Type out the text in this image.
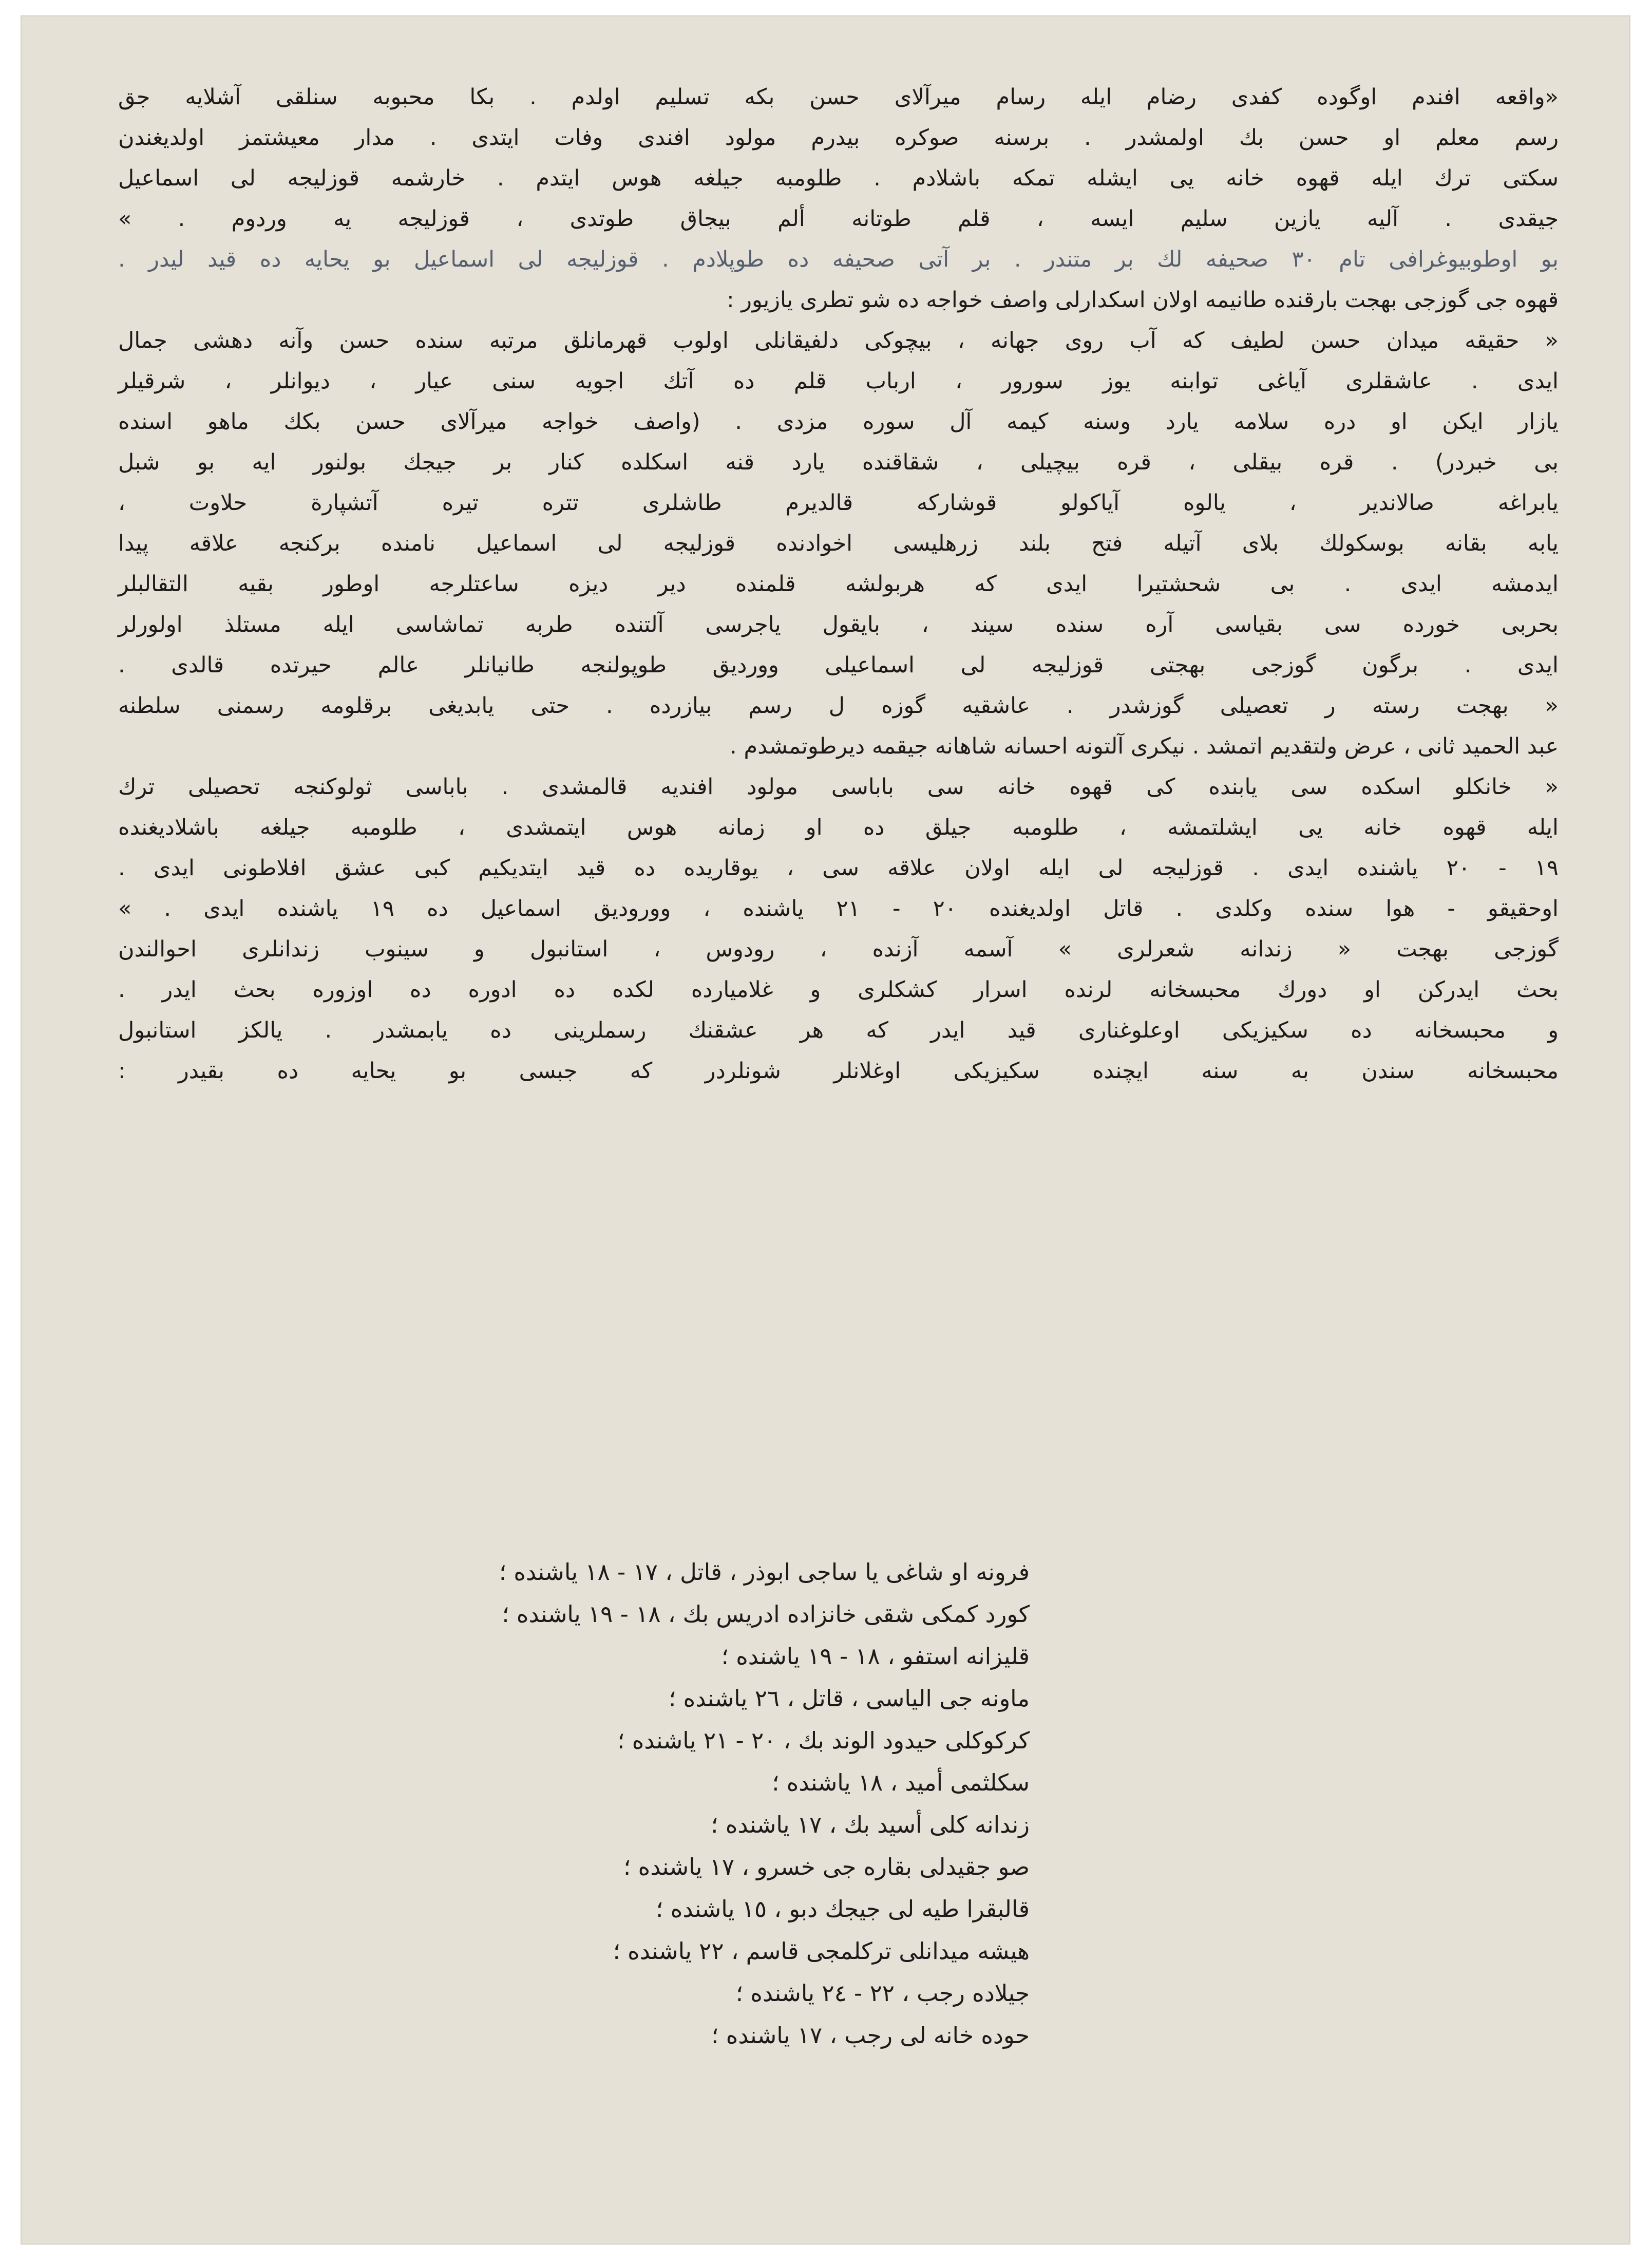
«واقعه افندم اوگوده كفدى رضام ايله رسام ميرآلاى حسن بكه تسليم اولدم . بكا محبوبه سنلقى آشلايه جق
رسم معلم او حسن بك اولمشدر . برسنه صوكره بيدرم مولود افندى وفات ايتدى . مدار معيشتمز اولديغندن
سكتى ترك ايله قهوه خانه يى ايشله تمكه باشلادم . طلومبه جيلغه هوس ايتدم . خارشمه قوزليجه لى اسماعيل
جيقدى . آليه يازين سليم ايسه ، قلم طوتانه ألم بيجاق طوتدى ، قوزليجه يه وردوم . »
بو اوطوبيوغرافى تام ٣٠ صحيفه لك بر متندر . بر آتى صحيفه ده طوپلادم . قوزليجه لى اسماعيل بو يحايه ده قيد ليدر .
قهوه جى گوزجى بهجت بارقنده طانيمه اولان اسكدارلى واصف خواجه ده شو تطرى يازيور :
« حقيقه ميدان حسن لطيف كه آب روى جهانه ، بيچوكى دلفيقانلى اولوب قهرمانلق مرتبه سنده حسن وآنه دهشى جمال
ايدى . عاشقلرى آياغى توابنه يوز سورور ، ارباب قلم ده آتك اجويه سنى عيار ، ديوانلر ، شرقيلر
يازار ايكن او دره سلامه يارد وسنه كيمه آل سوره مزدى . (واصف خواجه ميرآلاى حسن بكك ماهو اسنده
بى خبردر) . قره بيقلى ، قره بيچيلى ، شقاقنده يارد قنه اسكلده كنار بر جيجك بولنور ايه بو شبل
يابراغه صالاندير ، يالوه آياكولو قوشاركه قالديرم طاشلرى تتره تيره آتشپارة حلاوت ،
يابه بقانه بوسكولك بلاى آتيله فتح بلند زرهليسى اخوادنده قوزليجه لى اسماعيل نامنده بركنجه علاقه پيدا
ايدمشه ايدى . بى شحشتيرا ايدى كه هربولشه قلمنده دير ديزه ساعتلرجه اوطور بقيه التقالبلر
بحربى خورده سى بقياسى آره سنده سيند ، بايقول ياجرسى آلتنده طربه تماشاسى ايله مستلذ اولورلر
ايدى . برگون گوزجى بهجتى قوزليجه لى اسماعيلى وورديق طوپولنجه طانيانلر عالم حيرتده قالدى .
« بهجت رسته ر تعصيلى گوزشدر . عاشقيه گوزه ل رسم بيازرده . حتى يابديغى برقلومه رسمنى سلطنه
عبد الحميد ثانى ، عرض ولتقديم اتمشد . نيكرى آلتونه احسانه شاهانه جيقمه ديرطوتمشدم .
« خانكلو اسكده سى يابنده كى قهوه خانه سى باباسى مولود افنديه قالمشدى . باباسى ثولوكنجه تحصيلى ترك
ايله قهوه خانه يى ايشلتمشه ، طلومبه جيلق ده او زمانه هوس ايتمشدى ، طلومبه جيلغه باشلاديغنده
١٩ - ٢٠ ياشنده ايدى . قوزليجه لى ايله اولان علاقه سى ، يوقاريده ده قيد ايتديكيم كبى عشق افلاطونى ايدى .
اوحقيقو - هوا سنده وكلدى . قاتل اولديغنده ٢٠ - ٢١ ياشنده ، ووروديق اسماعيل ده ١٩ ياشنده ايدى . »
گوزجى بهجت « زندانه شعرلرى » آسمه آزنده ، رودوس ، استانبول و سينوب زندانلرى احوالندن
بحث ايدركن او دورك محبسخانه لرنده اسرار كشكلرى و غلاميارده لكده ده ادوره ده اوزوره بحث ايدر .
و محبسخانه ده سكيزيكى اوعلوغنارى قيد ايدر كه هر عشقنك رسملرينى ده يابمشدر . يالكز استانبول
محبسخانه سندن به سنه ايچنده سكيزيكى اوغلانلر شونلردر كه جبسى بو يحايه ده بقيدر :
فرونه او شاغى يا ساجى ابوذر ، قاتل ، ١٧ - ١٨ ياشنده ؛
كورد كمكى شقى خانزاده ادريس بك ، ١٨ - ١٩ ياشنده ؛
قليزانه استفو ، ١٨ - ١٩ ياشنده ؛
ماونه جى الياسى ، قاتل ، ٢٦ ياشنده ؛
كركوكلى حيدود الوند بك ، ٢٠ - ٢١ ياشنده ؛
سكلثمى أميد ، ١٨ ياشنده ؛
زندانه كلى أسيد بك ، ١٧ ياشنده ؛
صو جقيدلى بقاره جى خسرو ، ١٧ ياشنده ؛
قالبقرا طيه لى جيجك دبو ، ١٥ ياشنده ؛
هيشه ميدانلى تركلمجى قاسم ، ٢٢ ياشنده ؛
جيلاده رجب ، ٢٢ - ٢٤ ياشنده ؛
حوده خانه لى رجب ، ١٧ ياشنده ؛
